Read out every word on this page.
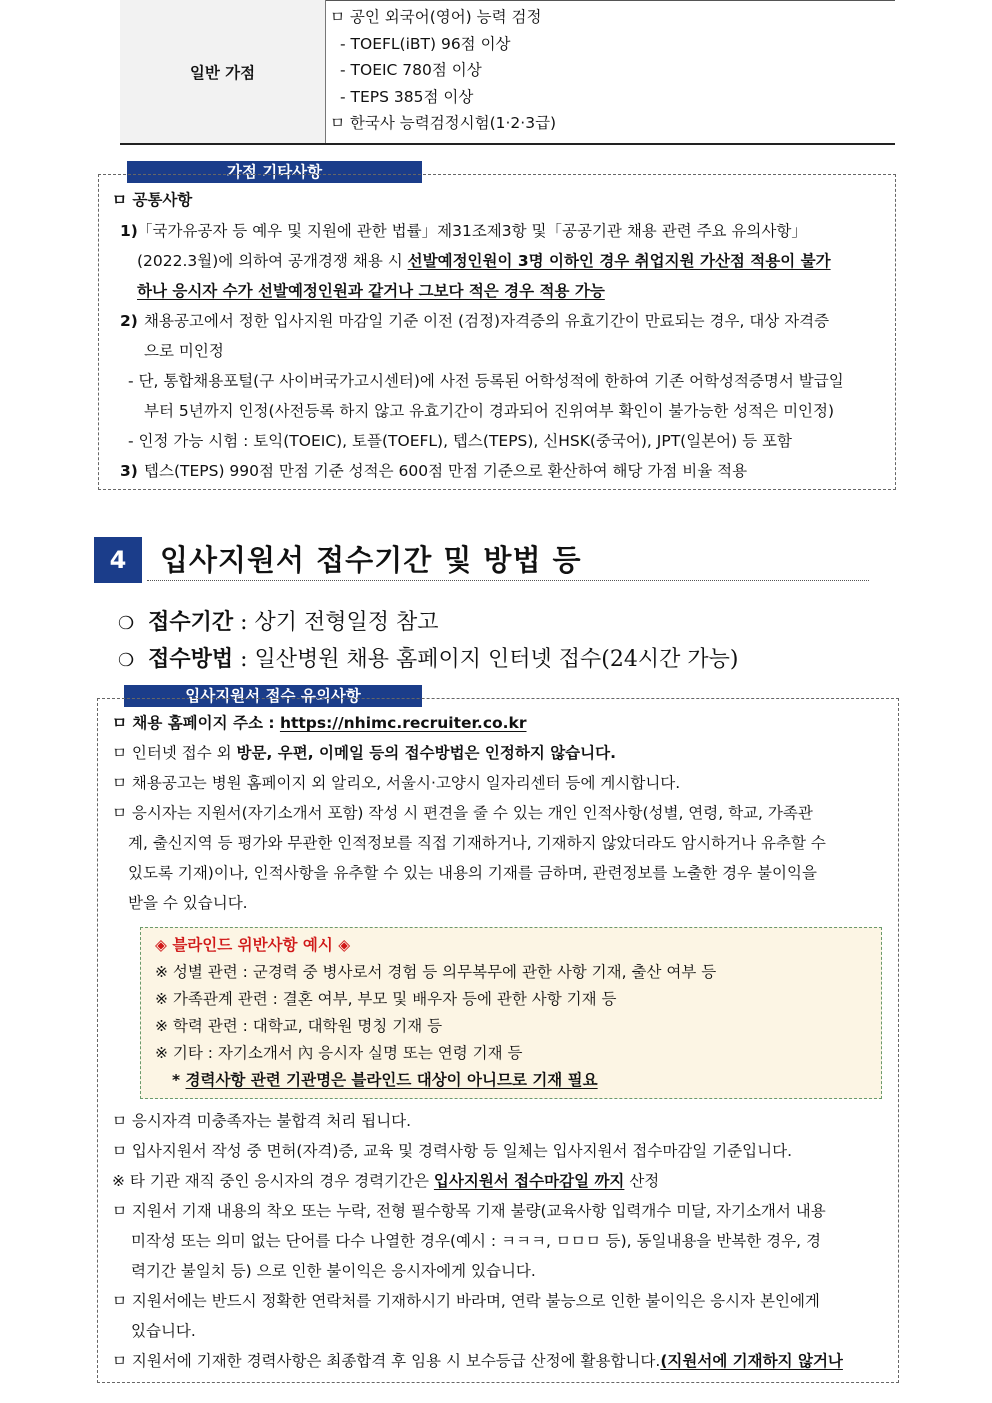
일반 가점
ㅁ 공인 외국어(영어) 능력 검정
- TOEFL(iBT) 96점 이상
- TOEIC 780점 이상
- TEPS 385점 이상
ㅁ 한국사 능력검정시험(1·2·3급)
가점 기타사항
ㅁ 공통사항
1) 「국가유공자 등 예우 및 지원에 관한 법률」제31조제3항 및「공공기관 채용 관련 주요 유의사항」
(2022.3월)에 의하여 공개경쟁 채용 시 선발예정인원이 3명 이하인 경우 취업지원 가산점 적용이 불가
하나 응시자 수가 선발예정인원과 같거나 그보다 적은 경우 적용 가능
2) 채용공고에서 정한 입사지원 마감일 기준 이전 (검정)자격증의 유효기간이 만료되는 경우, 대상 자격증
으로 미인정
- 단, 통합채용포털(구 사이버국가고시센터)에 사전 등록된 어학성적에 한하여 기존 어학성적증명서 발급일
부터 5년까지 인정(사전등록 하지 않고 유효기간이 경과되어 진위여부 확인이 불가능한 성적은 미인정)
- 인정 가능 시험 : 토익(TOEIC), 토플(TOEFL), 텝스(TEPS), 신HSK(중국어), JPT(일본어) 등 포함
3) 텝스(TEPS) 990점 만점 기준 성적은 600점 만점 기준으로 환산하여 해당 가점 비율 적용
4	입사지원서 접수기간 및 방법 등
❍ 접수기간 : 상기 전형일정 참고
❍ 접수방법 : 일산병원 채용 홈페이지 인터넷 접수(24시간 가능)
입사지원서 접수 유의사항
ㅁ 채용 홈페이지 주소 : https://nhimc.recruiter.co.kr
ㅁ 인터넷 접수 외 방문, 우편, 이메일 등의 접수방법은 인정하지 않습니다.
ㅁ 채용공고는 병원 홈페이지 외 알리오, 서울시·고양시 일자리센터 등에 게시합니다.
ㅁ 응시자는 지원서(자기소개서 포함) 작성 시 편견을 줄 수 있는 개인 인적사항(성별, 연령, 학교, 가족관
계, 출신지역 등 평가와 무관한 인적정보를 직접 기재하거나, 기재하지 않았더라도 암시하거나 유추할 수
있도록 기재)이나, 인적사항을 유추할 수 있는 내용의 기재를 금하며, 관련정보를 노출한 경우 불이익을
받을 수 있습니다.
◈ 블라인드 위반사항 예시 ◈
※ 성별 관련 : 군경력 중 병사로서 경험 등 의무복무에 관한 사항 기재, 출산 여부 등
※ 가족관계 관련 : 결혼 여부, 부모 및 배우자 등에 관한 사항 기재 등
※ 학력 관련 : 대학교, 대학원 명칭 기재 등
※ 기타 : 자기소개서 內 응시자 실명 또는 연령 기재 등
* 경력사항 관련 기관명은 블라인드 대상이 아니므로 기재 필요
ㅁ 응시자격 미충족자는 불합격 처리 됩니다.
ㅁ 입사지원서 작성 중 면허(자격)증, 교육 및 경력사항 등 일체는 입사지원서 접수마감일 기준입니다.
※ 타 기관 재직 중인 응시자의 경우 경력기간은 입사지원서 접수마감일 까지 산정
ㅁ 지원서 기재 내용의 착오 또는 누락, 전형 필수항목 기재 불량(교육사항 입력개수 미달, 자기소개서 내용
미작성 또는 의미 없는 단어를 다수 나열한 경우(예시 : ㅋㅋㅋ, ㅁㅁㅁ 등), 동일내용을 반복한 경우, 경
력기간 불일치 등) 으로 인한 불이익은 응시자에게 있습니다.
ㅁ 지원서에는 반드시 정확한 연락처를 기재하시기 바라며, 연락 불능으로 인한 불이익은 응시자 본인에게
있습니다.
ㅁ 지원서에 기재한 경력사항은 최종합격 후 임용 시 보수등급 산정에 활용합니다.(지원서에 기재하지 않거나
